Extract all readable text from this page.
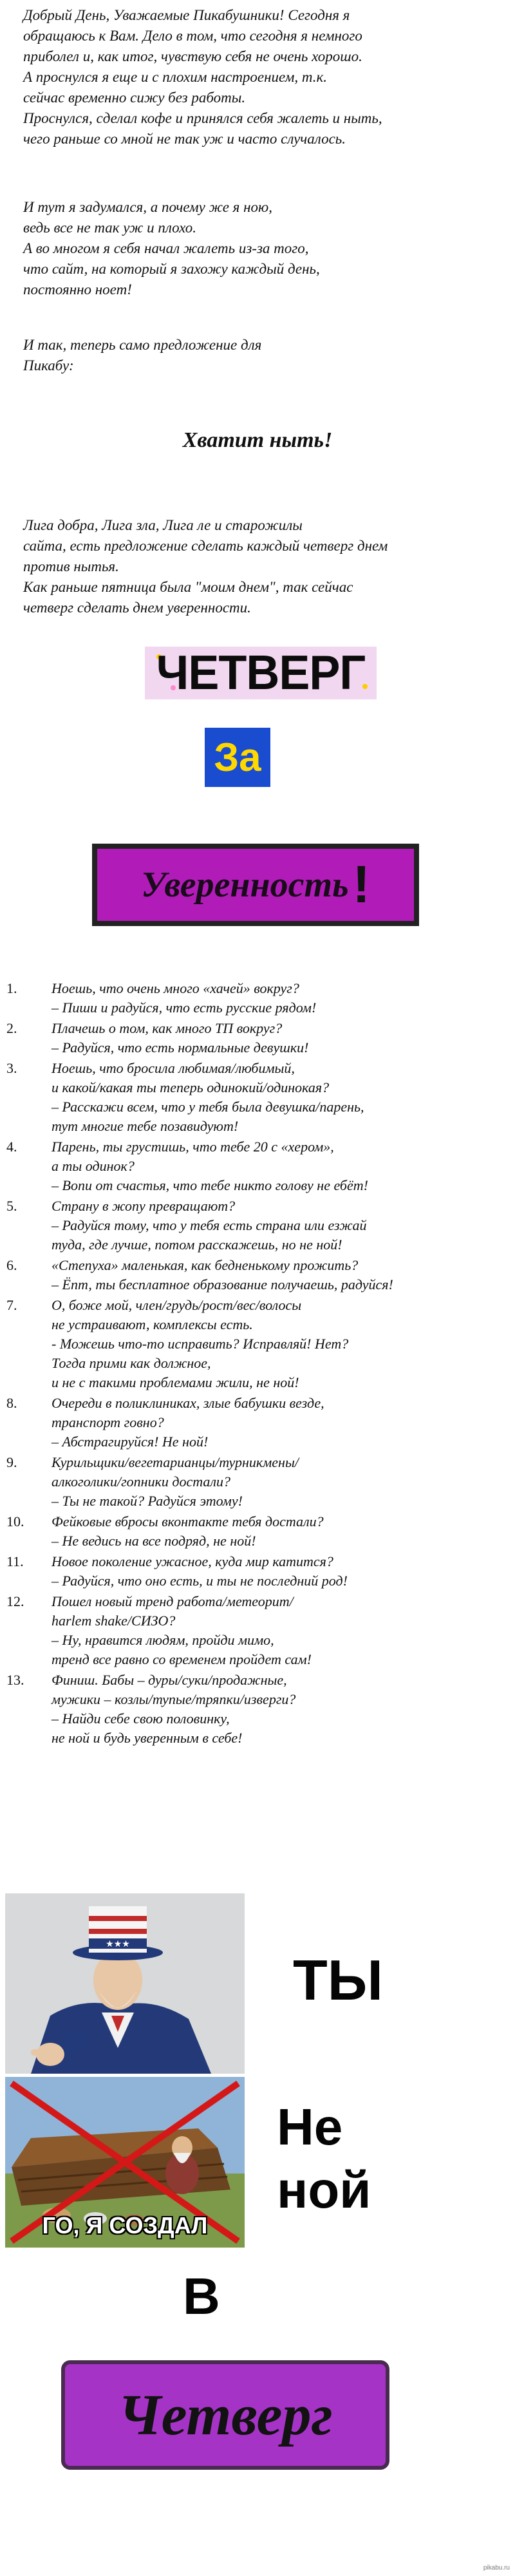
Добрый День, Уважаемые Пикабушники! Сегодня я
обращаюсь к Вам. Дело в том, что сегодня я немного
приболел и, как итог, чувствую себя не очень хорошо.
А проснулся я еще и с плохим настроением, т.к.
сейчас временно сижу без работы.
Проснулся, сделал кофе и принялся себя жалеть и ныть,
чего раньше со мной не так уж и часто случалось.
И тут я задумался, а почему же я ною,
ведь все не так уж и плохо.
А во многом я себя начал жалеть из-за того,
что сайт, на который я захожу каждый день,
постоянно ноет!
И так, теперь само предложение для
Пикабу:
Хватит ныть!
Лига добра, Лига зла, Лига ле и старожилы
сайта, есть предложение сделать каждый четверг днем
против нытья.
Как раньше пятница была "моим днем", так сейчас
четверг сделать днем уверенности.
ЧЕТВЕРГ
За
Уверенность !
1.	Ноешь, что очень много «хачей» вокруг?
– Пиши и радуйся, что есть русские рядом!
2.	Плачешь о том, как много ТП вокруг?
– Радуйся, что есть нормальные девушки!
3.	Ноешь, что бросила любимая/любимый,
и какой/какая ты теперь одинокий/одинокая?
– Расскажи всем, что у тебя была девушка/парень,
тут многие тебе позавидуют!
4.	Парень, ты грустишь, что тебе 20 с «хером»,
а ты одинок?
– Вопи от счастья, что тебе никто голову не ебёт!
5.	Страну в жопу превращают?
– Радуйся тому, что у тебя есть страна или езжай
туда, где лучше, потом расскажешь, но не ной!
6.	«Степуха» маленькая, как бедненькому прожить?
– Ёпт, ты бесплатное образование получаешь, радуйся!
7.	О, боже мой, член/грудь/рост/вес/волосы
не устраивают, комплексы есть.
- Можешь что-то исправить? Исправляй! Нет?
Тогда прими как должное,
и не с такими проблемами жили, не ной!
8.	Очереди в поликлиниках, злые бабушки везде,
транспорт говно?
– Абстрагируйся! Не ной!
9.	Курильщики/вегетарианцы/турникмены/
алкоголики/гопники достали?
– Ты не такой? Радуйся этому!
10.	Фейковые вбросы вконтакте тебя достали?
– Не ведись на все подряд, не ной!
11.	Новое поколение ужасное, куда мир катится?
– Радуйся, что оно есть, и ты не последний род!
12.	Пошел новый тренд работа/метеорит/
harlem shake/СИЗО?
– Ну, нравится людям, пройди мимо,
тренд все равно со временем пройдет сам!
13.	Финиш. Бабы – дуры/суки/продажные,
мужики – козлы/тупые/тряпки/изверги?
– Найди себе свою половинку,
не ной и будь уверенным в себе!
★★★
ГО, Я СОЗДАЛ
ТЫ
Не
ной
В
Четверг
pikabu.ru
